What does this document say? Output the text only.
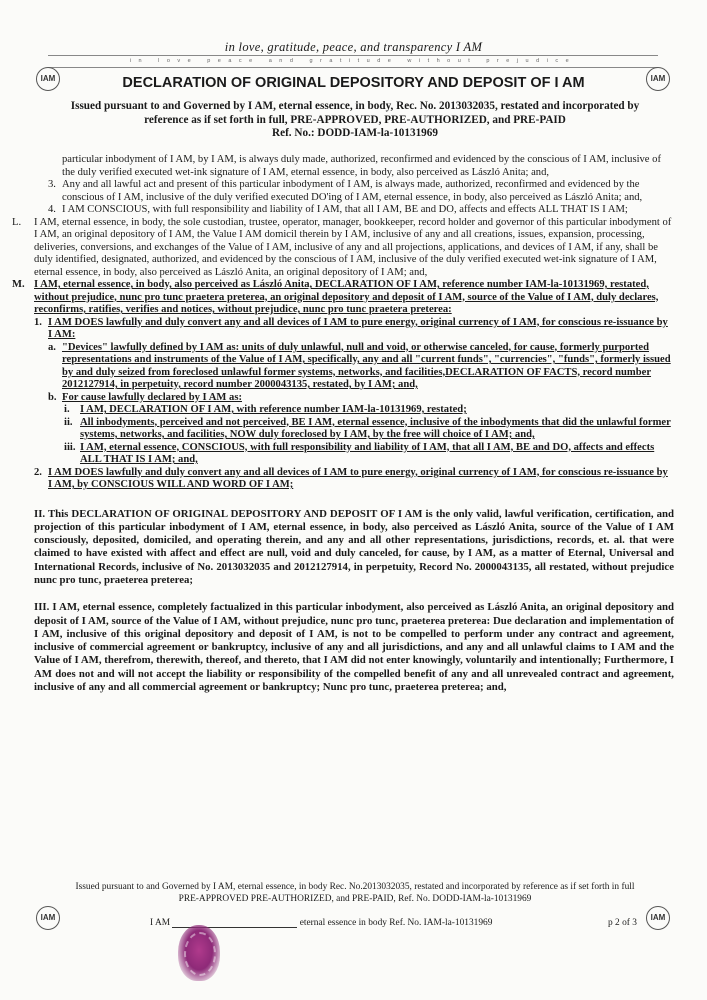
in love, gratitude, peace, and transparency I AM
in love peace and gratitude without prejudice
IAM	IAM
DECLARATION OF ORIGINAL DEPOSITORY AND DEPOSIT OF I AM
Issued pursuant to and Governed by I AM, eternal essence, in body, Rec. No. 2013032035, restated and incorporated by
reference as if set forth in full, PRE-APPROVED, PRE-AUTHORIZED, and PRE-PAID
Ref. No.: DODD-IAM-la-10131969

particular inbodyment of I AM, by I AM, is always duly made, authorized, reconfirmed and evidenced by the conscious of I AM, inclusive of the duly verified executed wet-ink signature of I AM, eternal essence, in body, also perceived as László Anita; and,

3. Any and all lawful act and present of this particular inbodyment of I AM, is always made, authorized, reconfirmed and evidenced by the conscious of I AM, inclusive of the duly verified executed DO'ing of I AM, eternal essence, in body, also perceived as László Anita; and,
4. I AM CONSCIOUS, with full responsibility and liability of I AM, that all I AM, BE and DO, affects and effects ALL THAT IS I AM;
L.	I AM, eternal essence, in body, the sole custodian, trustee, operator, manager, bookkeeper, record holder and governor of this particular inbodyment of I AM, an original depository of I AM, the Value I AM domicil therein by I AM, inclusive of any and all creations, issues, expansion, processing, deliveries, conversions, and exchanges of the Value of I AM, inclusive of any and all projections, applications, and devices of I AM, if any, shall be duly identified, designated, authorized, and evidenced by the conscious of I AM, inclusive of the duly verified executed wet-ink signature of I AM, eternal essence, in body, also perceived as László Anita, an original depository of I AM; and,
M. I AM, eternal essence, in body, also perceived as László Anita, DECLARATION OF I AM, reference number IAM-la-10131969, restated, without prejudice, nunc pro tunc praetera preterea, an original depository and deposit of I AM, source of the Value of I AM, duly declares, reconfirms, ratifies, verifies and notices, without prejudice, nunc pro tunc praetera preterea:
1. I AM DOES lawfully and duly convert any and all devices of I AM to pure energy, original currency of I AM, for conscious re-issuance by I AM:
a. "Devices" lawfully defined by I AM as: units of duly unlawful, null and void, or otherwise canceled, for cause, formerly purported representations and instruments of the Value of I AM, specifically, any and all "current funds", "currencies", "funds", formerly issued by and duly seized from foreclosed unlawful former systems, networks, and facilities,DECLARATION OF FACTS, record number 2012127914, in perpetuity, record number 2000043135, restated, by I AM; and,
b. For cause lawfully declared by I AM as:
i. I AM, DECLARATION OF I AM, with reference number IAM-la-10131969, restated;
ii. All inbodyments, perceived and not perceived, BE I AM, eternal essence, inclusive of the inbodyments that did the unlawful former systems, networks, and facilities, NOW duly foreclosed by I AM, by the free will choice of I AM; and,
iii. I AM, eternal essence, CONSCIOUS, with full responsibility and liability of I AM, that all I AM, BE and DO, affects and effects ALL THAT IS I AM; and,
2. I AM DOES lawfully and duly convert any and all devices of I AM to pure energy, original currency of I AM, for conscious re-issuance by I AM, by CONSCIOUS WILL AND WORD OF I AM;

II. This DECLARATION OF ORIGINAL DEPOSITORY AND DEPOSIT OF I AM is the only valid, lawful verification, certification, and projection of this particular inbodyment of I AM, eternal essence, in body, also perceived as László Anita, source of the Value of I AM consciously, deposited, domiciled, and operating therein, and any and all other representations, jurisdictions, records, et. al. that were claimed to have existed with affect and effect are null, void and duly canceled, for cause, by I AM, as a matter of Eternal, Universal and International Records, inclusive of No. 2013032035 and 2012127914, in perpetuity, Record No. 2000043135, all restated, without prejudice nunc pro tunc, praeterea preterea;

III. I AM, eternal essence, completely factualized in this particular inbodyment, also perceived as László Anita, an original depository and deposit of I AM, source of the Value of I AM, without prejudice, nunc pro tunc, praeterea preterea: Due declaration and implementation of I AM, inclusive of this original depository and deposit of I AM, is not to be compelled to perform under any contract and agreement, inclusive of commercial agreement or bankruptcy, inclusive of any and all jurisdictions, and any and all unlawful claims to I AM and the Value of I AM, therefrom, therewith, thereof, and thereto, that I AM did not enter knowingly, voluntarily and intentionally; Furthermore, I AM does not and will not accept the liability or responsibility of the compelled benefit of any and all unrevealed contract and agreement, inclusive of any and all commercial agreement or bankruptcy; Nunc pro tunc, praeterea preterea; and,

Issued pursuant to and Governed by I AM, eternal essence, in body Rec. No.2013032035, restated and incorporated by reference as if set forth in full
PRE-APPROVED PRE-AUTHORIZED, and PRE-PAID, Ref. No. DODD-IAM-la-10131969
IAM	IAM
I AM	eternal essence in body Ref. No. IAM-la-10131969	p 2 of 3
